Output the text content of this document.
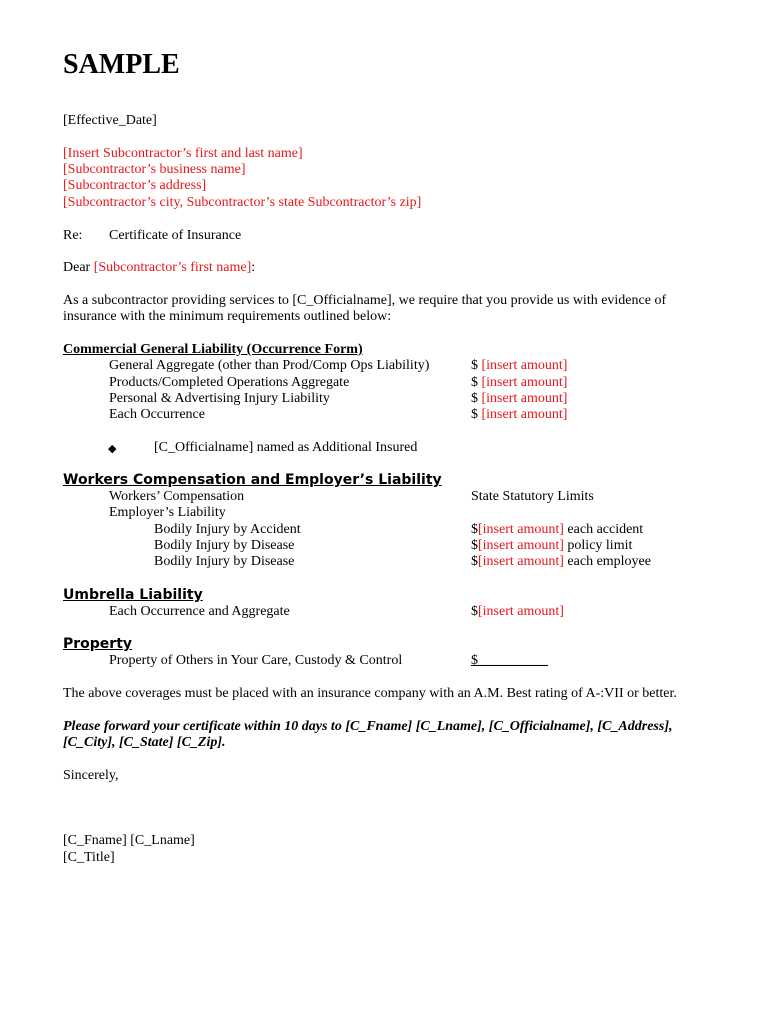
SAMPLE
[Effective_Date]
[Insert Subcontractor’s first and last name]
[Subcontractor’s business name]
[Subcontractor’s address]
[Subcontractor’s city, Subcontractor’s state Subcontractor’s zip]
Re: Certificate of Insurance
Dear [Subcontractor’s first name]:
As a subcontractor providing services to [C_Officialname], we require that you provide us with evidence of
insurance with the minimum requirements outlined below:
Commercial General Liability (Occurrence Form)
General Aggregate (other than Prod/Comp Ops Liability)	$ [insert amount]
Products/Completed Operations Aggregate	$ [insert amount]
Personal & Advertising Injury Liability	$ [insert amount]
Each Occurrence	$ [insert amount]
◆	[C_Officialname] named as Additional Insured
Workers Compensation and Employer’s Liability
Workers’ Compensation	State Statutory Limits
Employer’s Liability
Bodily Injury by Accident	$[insert amount] each accident
Bodily Injury by Disease	$[insert amount] policy limit
Bodily Injury by Disease	$[insert amount] each employee
Umbrella Liability
Each Occurrence and Aggregate	$[insert amount]
Property
Property of Others in Your Care, Custody & Control	$__________
The above coverages must be placed with an insurance company with an A.M. Best rating of A-:VII or better.
Please forward your certificate within 10 days to [C_Fname] [C_Lname], [C_Officialname], [C_Address],
[C_City], [C_State] [C_Zip].
Sincerely,
[C_Fname] [C_Lname]
[C_Title]
